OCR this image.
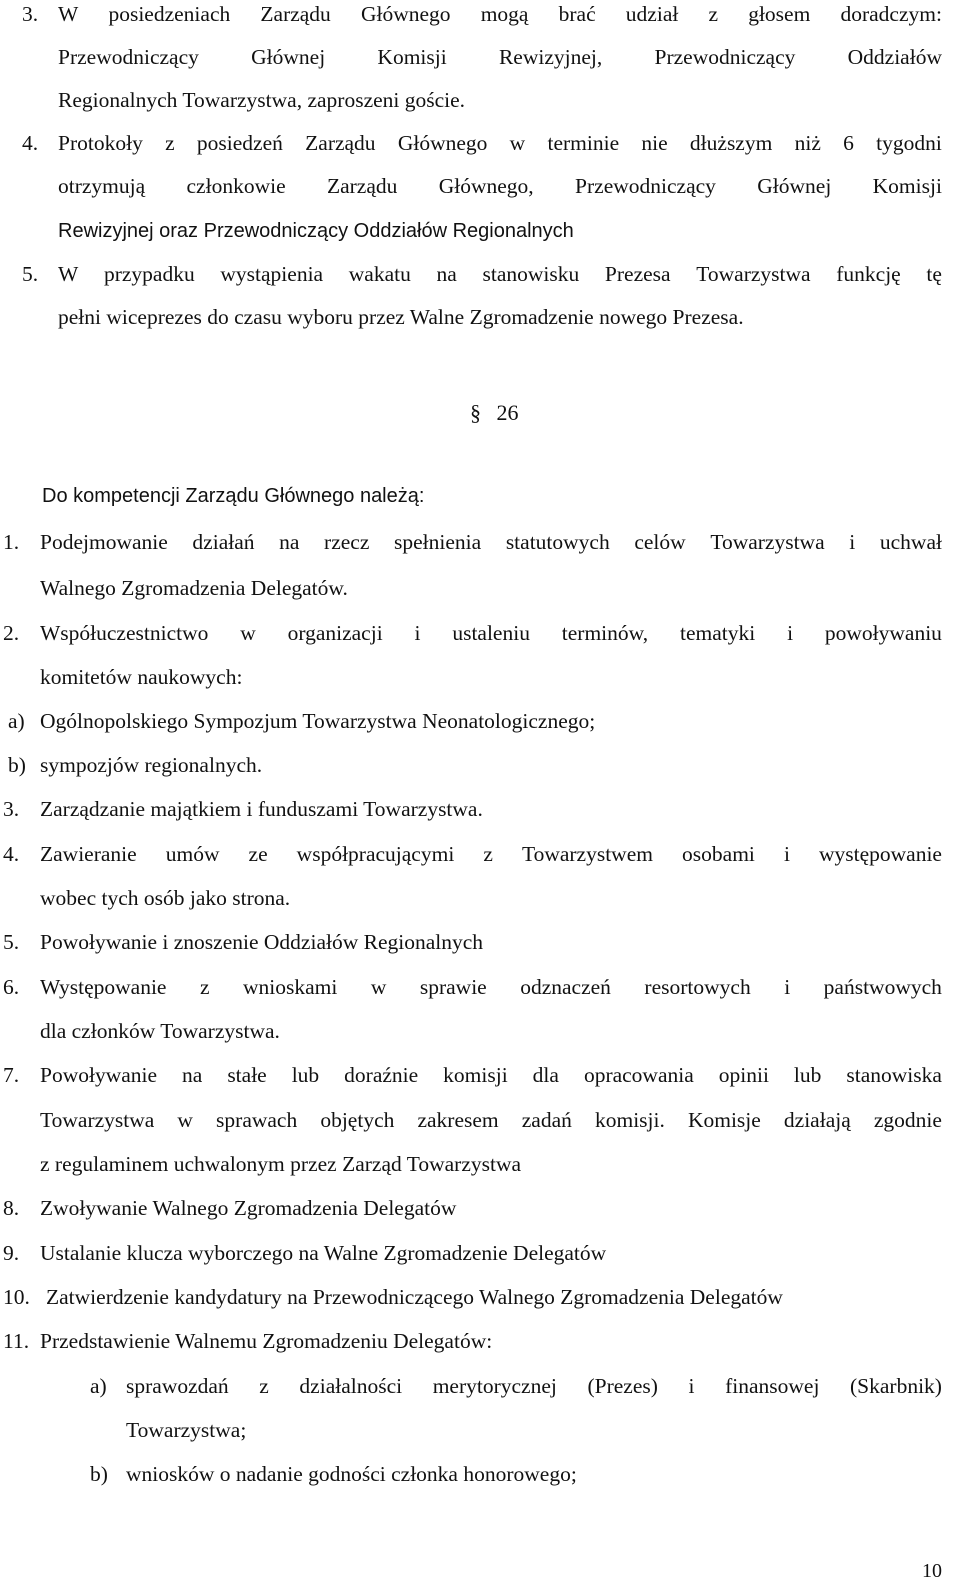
3. W posiedzeniach Zarządu Głównego mogą brać udział z głosem doradczym:
Przewodniczący Głównej Komisji Rewizyjnej, Przewodniczący Oddziałów
Regionalnych Towarzystwa, zaproszeni goście.
4. Protokoły z posiedzeń Zarządu Głównego w terminie nie dłuższym niż 6 tygodni
otrzymują członkowie Zarządu Głównego, Przewodniczący Głównej Komisji
Rewizyjnej oraz Przewodniczący Oddziałów Regionalnych
5. W przypadku wystąpienia wakatu na stanowisku Prezesa Towarzystwa funkcję tę
pełni wiceprezes do czasu wyboru przez Walne Zgromadzenie nowego Prezesa.
§ 26
Do kompetencji Zarządu Głównego należą:
1. Podejmowanie działań na rzecz spełnienia statutowych celów Towarzystwa i uchwał
Walnego Zgromadzenia Delegatów.
2. Współuczestnictwo w organizacji i ustaleniu terminów, tematyki i powoływaniu
komitetów naukowych:
a) Ogólnopolskiego Sympozjum Towarzystwa Neonatologicznego;
b) sympozjów regionalnych.
3. Zarządzanie majątkiem i funduszami Towarzystwa.
4. Zawieranie umów ze współpracującymi z Towarzystwem osobami i występowanie
wobec tych osób jako strona.
5. Powoływanie i znoszenie Oddziałów Regionalnych
6. Występowanie z wnioskami w sprawie odznaczeń resortowych i państwowych
dla członków Towarzystwa.
7. Powoływanie na stałe lub doraźnie komisji dla opracowania opinii lub stanowiska
Towarzystwa w sprawach objętych zakresem zadań komisji. Komisje działają zgodnie
z regulaminem uchwalonym przez Zarząd Towarzystwa
8. Zwoływanie Walnego Zgromadzenia Delegatów
9. Ustalanie klucza wyborczego na Walne Zgromadzenie Delegatów
10. Zatwierdzenie kandydatury na Przewodniczącego Walnego Zgromadzenia Delegatów
11. Przedstawienie Walnemu Zgromadzeniu Delegatów:
a) sprawozdań z działalności merytorycznej (Prezes) i finansowej (Skarbnik)
Towarzystwa;
b) wniosków o nadanie godności członka honorowego;
10
